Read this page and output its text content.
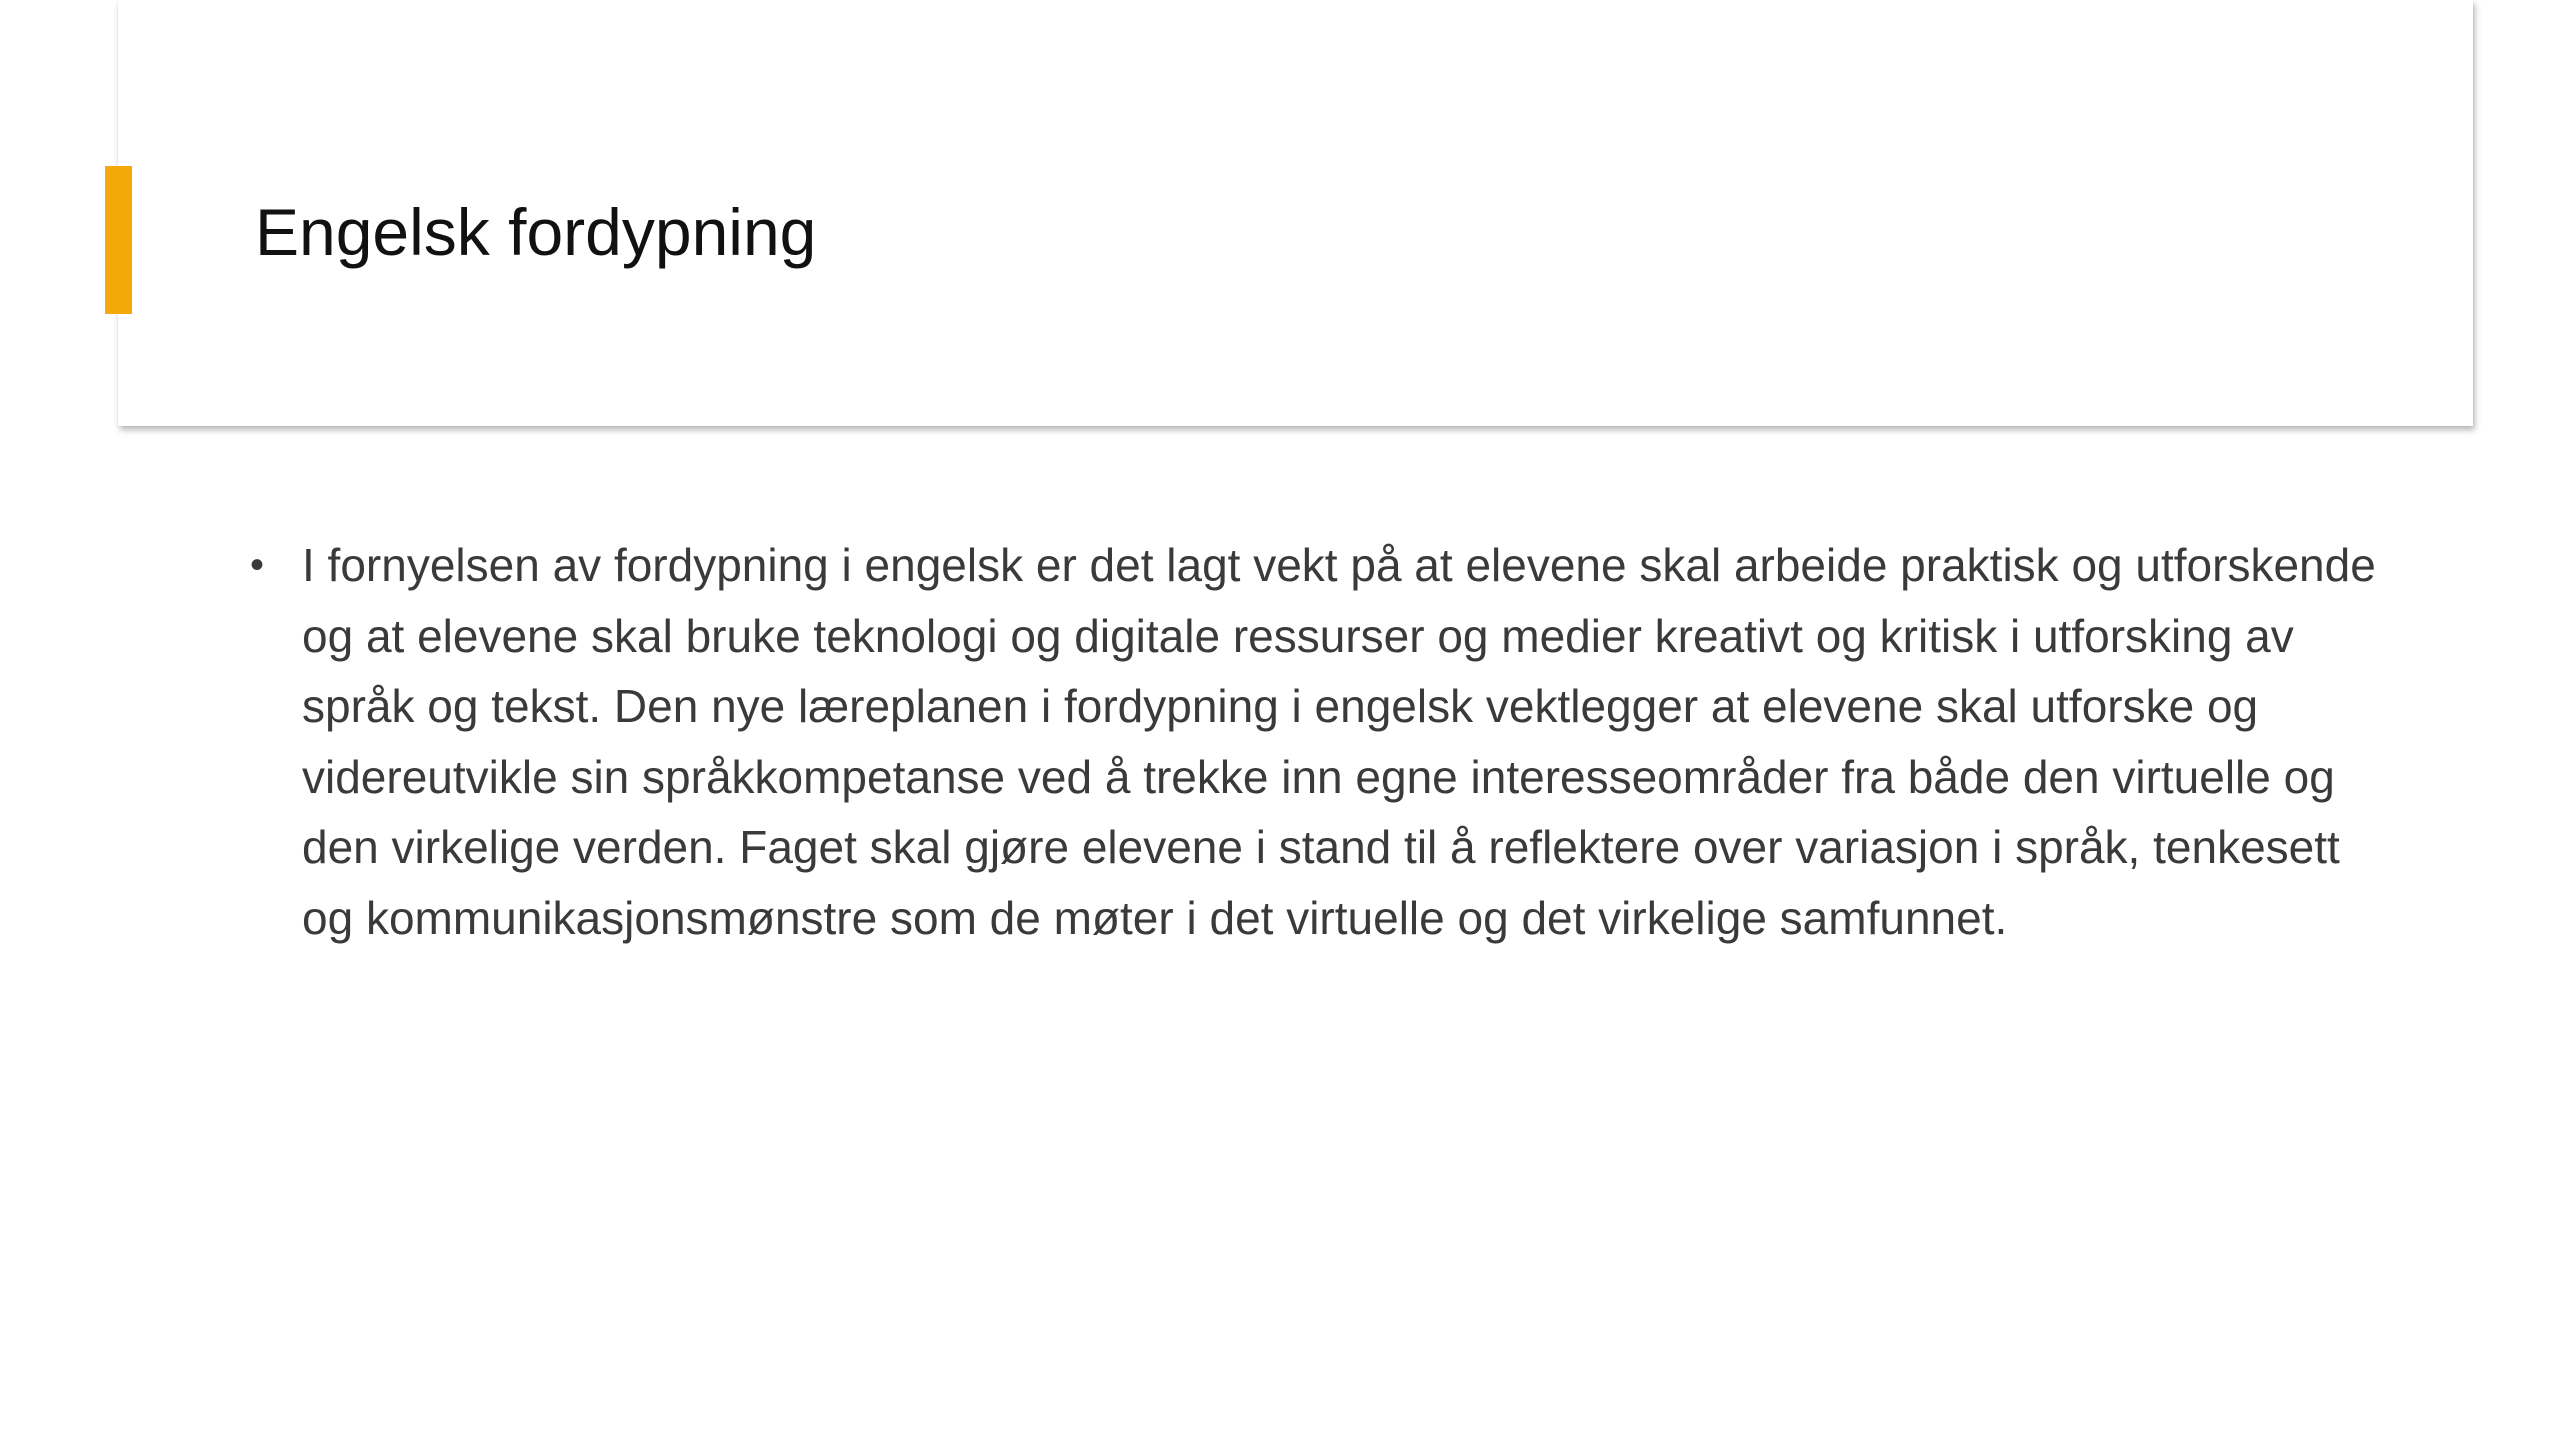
Engelsk fordypning
• I fornyelsen av fordypning i engelsk er det lagt vekt på at elevene skal arbeide praktisk og utforskende og at elevene skal bruke teknologi og digitale ressurser og medier kreativt og kritisk i utforsking av språk og tekst. Den nye læreplanen i fordypning i engelsk vektlegger at elevene skal utforske og videreutvikle sin språkkompetanse ved å trekke inn egne interesseområder fra både den virtuelle og den virkelige verden. Faget skal gjøre elevene i stand til å reflektere over variasjon i språk, tenkesett og kommunikasjonsmønstre som de møter i det virtuelle og det virkelige samfunnet.
